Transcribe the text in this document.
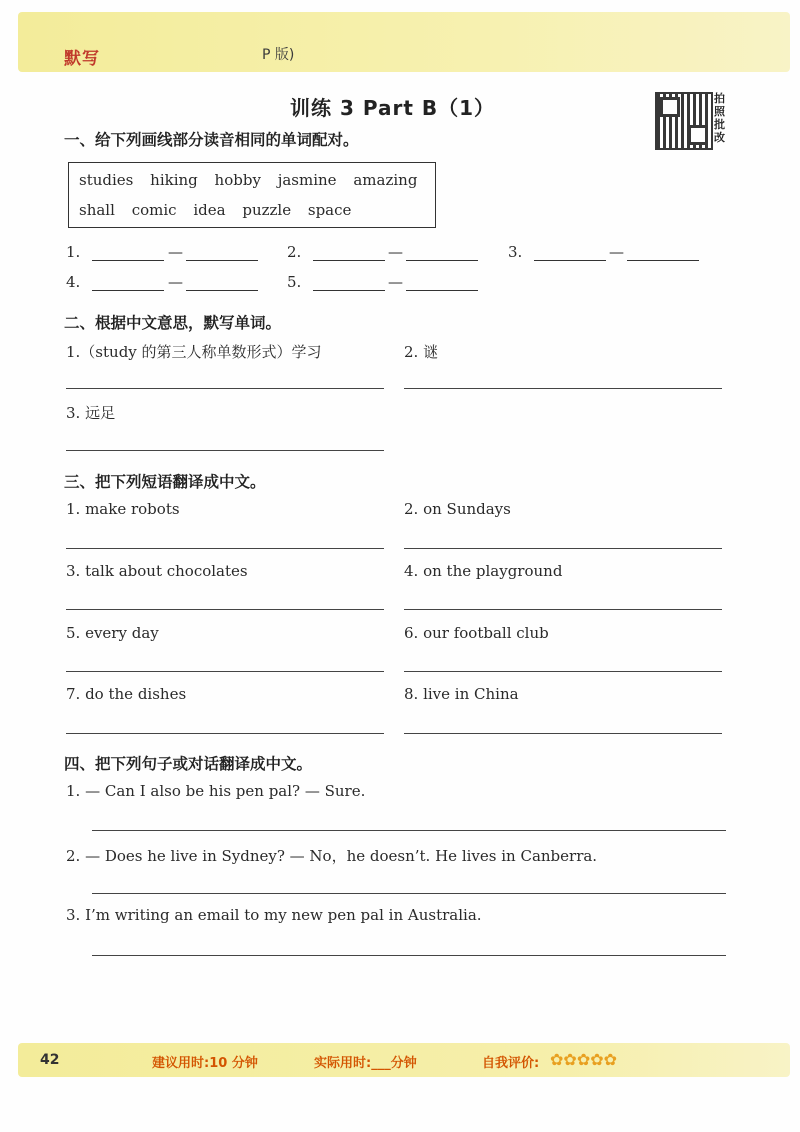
默写	P 版)
训练 3 Part B（1）	拍
照
批
改
一、给下列画线部分读音相同的单词配对。
studies hiking hobby jasmine amazing
shall comic idea puzzle space
1.	—	2.	—	3.	—
4.	—	5.	—
二、根据中文意思，默写单词。
1.（study 的第三人称单数形式）学习	2. 谜
3. 远足
三、把下列短语翻译成中文。
1. make robots	2. on Sundays
3. talk about chocolates	4. on the playground
5. every day	6. our football club
7. do the dishes	8. live in China
四、把下列句子或对话翻译成中文。
1. — Can I also be his pen pal? — Sure.
2. — Does he live in Sydney? — No，he doesn’t. He lives in Canberra.
3. I’m writing an email to my new pen pal in Australia.
42	建议用时:10 分钟	实际用时:___分钟	自我评价: ✿✿✿✿✿
